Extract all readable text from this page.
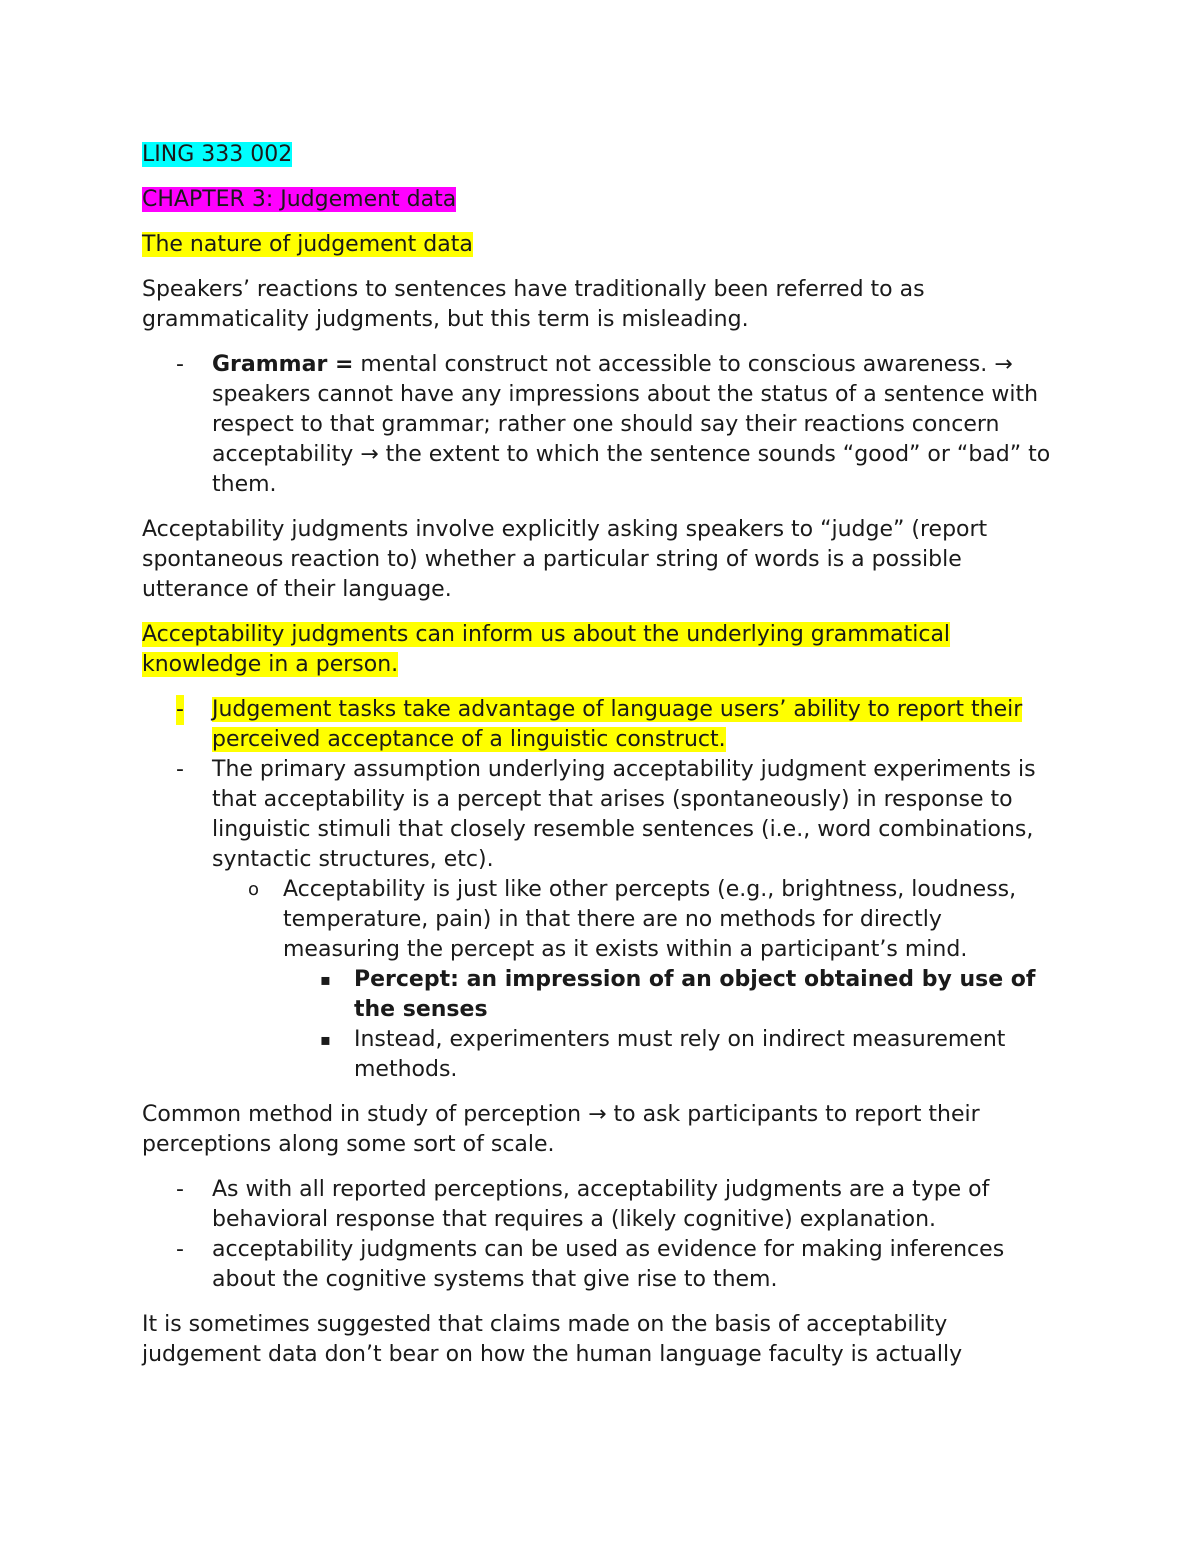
LING 333 002
CHAPTER 3: Judgement data
The nature of judgement data
Speakers’ reactions to sentences have traditionally been referred to as grammaticality judgments, but this term is misleading.
- Grammar = mental construct not accessible to conscious awareness. → speakers cannot have any impressions about the status of a sentence with respect to that grammar; rather one should say their reactions concern acceptability → the extent to which the sentence sounds “good” or “bad” to them.
Acceptability judgments involve explicitly asking speakers to “judge” (report spontaneous reaction to) whether a particular string of words is a possible utterance of their language.
Acceptability judgments can inform us about the underlying grammatical knowledge in a person.
- Judgement tasks take advantage of language users’ ability to report their perceived acceptance of a linguistic construct.
- The primary assumption underlying acceptability judgment experiments is that acceptability is a percept that arises (spontaneously) in response to linguistic stimuli that closely resemble sentences (i.e., word combinations, syntactic structures, etc).
o Acceptability is just like other percepts (e.g., brightness, loudness, temperature, pain) in that there are no methods for directly measuring the percept as it exists within a participant’s mind.
▪ Percept: an impression of an object obtained by use of the senses
▪ Instead, experimenters must rely on indirect measurement methods.
Common method in study of perception → to ask participants to report their perceptions along some sort of scale.
- As with all reported perceptions, acceptability judgments are a type of behavioral response that requires a (likely cognitive) explanation.
- acceptability judgments can be used as evidence for making inferences about the cognitive systems that give rise to them.
It is sometimes suggested that claims made on the basis of acceptability judgement data don’t bear on how the human language faculty is actually
